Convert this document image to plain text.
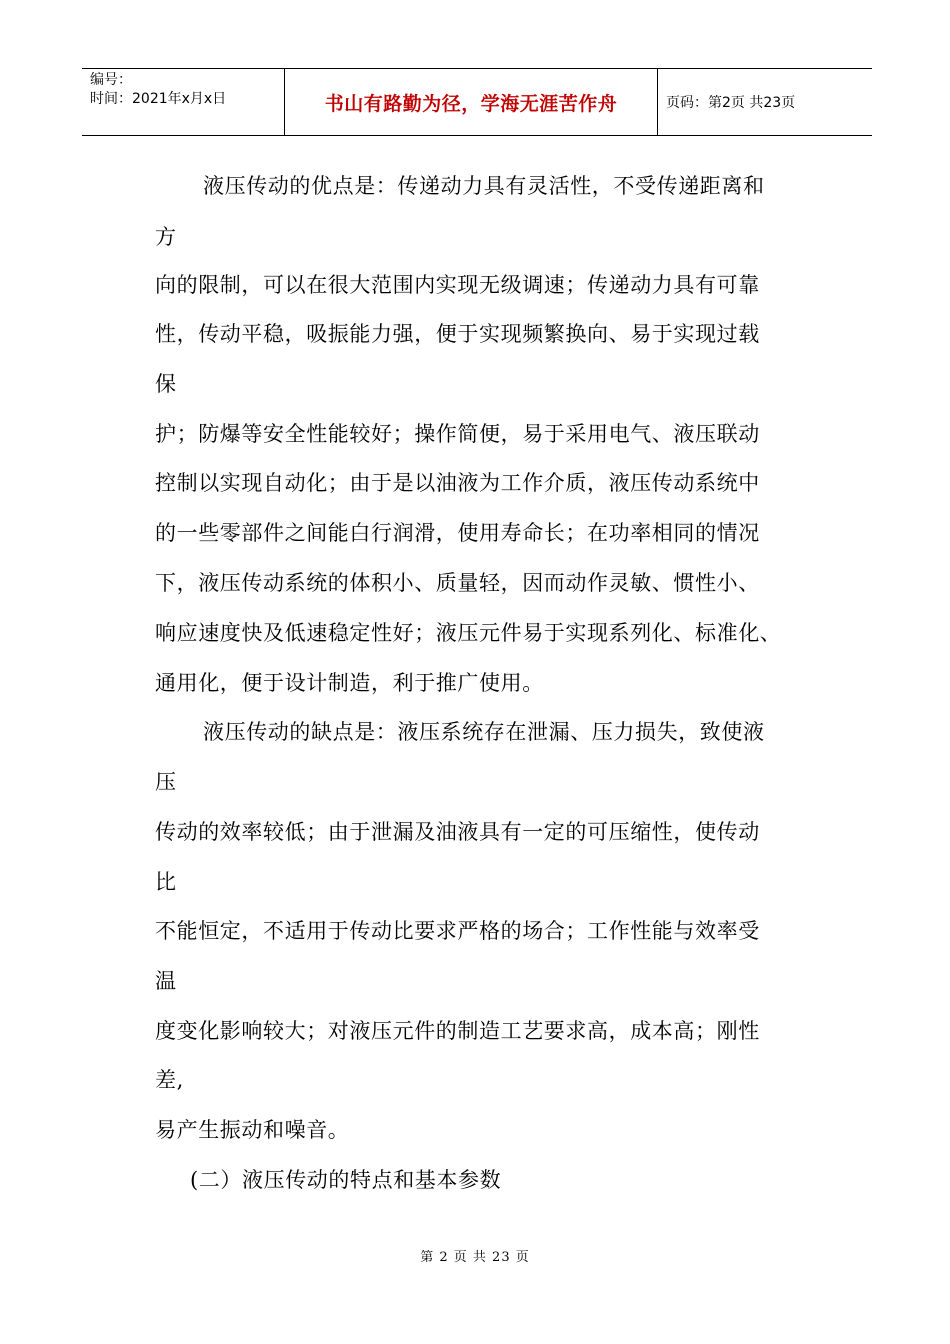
编号：
时间：2021年x月x日	书山有路勤为径，学海无涯苦作舟	页码：第2页 共23页
液压传动的优点是：传递动力具有灵活性，不受传递距离和
方
向的限制，可以在很大范围内实现无级调速；传递动力具有可靠
性，传动平稳，吸振能力强，便于实现频繁换向、易于实现过载
保
护；防爆等安全性能较好；操作简便，易于采用电气、液压联动
控制以实现自动化；由于是以油液为工作介质，液压传动系统中
的一些零部件之间能白行润滑，使用寿命长；在功率相同的情况
下，液压传动系统的体积小、质量轻，因而动作灵敏、惯性小、
响应速度快及低速稳定性好；液压元件易于实现系列化、标准化、
通用化，便于设计制造，利于推广使用。
液压传动的缺点是：液压系统存在泄漏、压力损失，致使液
压
传动的效率较低；由于泄漏及油液具有一定的可压缩性，使传动
比
不能恒定，不适用于传动比要求严格的场合；工作性能与效率受
温
度变化影响较大；对液压元件的制造工艺要求高，成本高；刚性
差,
易产生振动和噪音。
(二）液压传动的特点和基本参数
第 2 页 共 23 页
